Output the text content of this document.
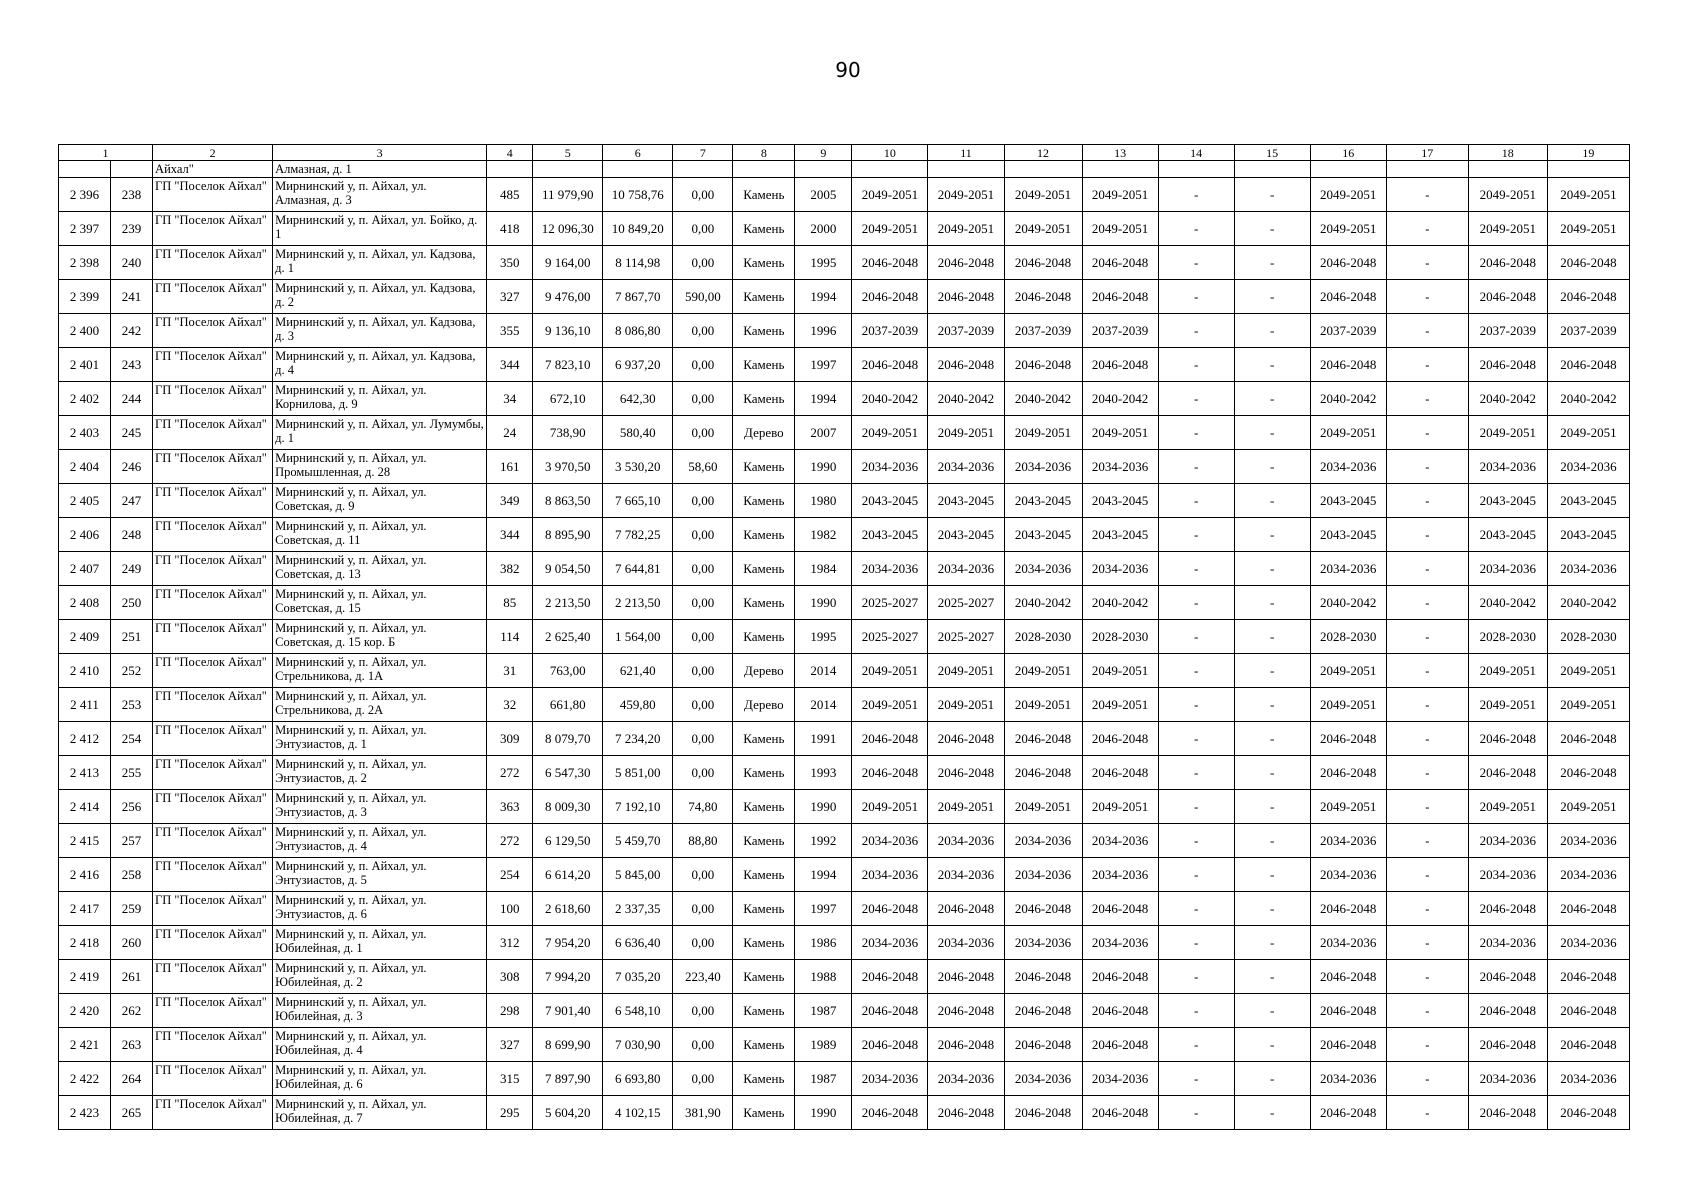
90
1		2	3	4	5	6	7	8	9	10	11	12	13	14	15	16	17	18	19
		Айхал"	Алмазная, д. 1																
2 396	238	ГП "Поселок Айхал"	Мирнинский у, п. Айхал, ул. Алмазная, д. 3	485	11 979,90	10 758,76	0,00	Камень	2005	2049-2051	2049-2051	2049-2051	2049-2051	-	-	2049-2051	-	2049-2051	2049-2051
2 397	239	ГП "Поселок Айхал"	Мирнинский у, п. Айхал, ул. Бойко, д. 1	418	12 096,30	10 849,20	0,00	Камень	2000	2049-2051	2049-2051	2049-2051	2049-2051	-	-	2049-2051	-	2049-2051	2049-2051
2 398	240	ГП "Поселок Айхал"	Мирнинский у, п. Айхал, ул. Кадзова, д. 1	350	9 164,00	8 114,98	0,00	Камень	1995	2046-2048	2046-2048	2046-2048	2046-2048	-	-	2046-2048	-	2046-2048	2046-2048
2 399	241	ГП "Поселок Айхал"	Мирнинский у, п. Айхал, ул. Кадзова, д. 2	327	9 476,00	7 867,70	590,00	Камень	1994	2046-2048	2046-2048	2046-2048	2046-2048	-	-	2046-2048	-	2046-2048	2046-2048
2 400	242	ГП "Поселок Айхал"	Мирнинский у, п. Айхал, ул. Кадзова, д. 3	355	9 136,10	8 086,80	0,00	Камень	1996	2037-2039	2037-2039	2037-2039	2037-2039	-	-	2037-2039	-	2037-2039	2037-2039
2 401	243	ГП "Поселок Айхал"	Мирнинский у, п. Айхал, ул. Кадзова, д. 4	344	7 823,10	6 937,20	0,00	Камень	1997	2046-2048	2046-2048	2046-2048	2046-2048	-	-	2046-2048	-	2046-2048	2046-2048
2 402	244	ГП "Поселок Айхал"	Мирнинский у, п. Айхал, ул. Корнилова, д. 9	34	672,10	642,30	0,00	Камень	1994	2040-2042	2040-2042	2040-2042	2040-2042	-	-	2040-2042	-	2040-2042	2040-2042
2 403	245	ГП "Поселок Айхал"	Мирнинский у, п. Айхал, ул. Лумумбы, д. 1	24	738,90	580,40	0,00	Дерево	2007	2049-2051	2049-2051	2049-2051	2049-2051	-	-	2049-2051	-	2049-2051	2049-2051
2 404	246	ГП "Поселок Айхал"	Мирнинский у, п. Айхал, ул. Промышленная, д. 28	161	3 970,50	3 530,20	58,60	Камень	1990	2034-2036	2034-2036	2034-2036	2034-2036	-	-	2034-2036	-	2034-2036	2034-2036
2 405	247	ГП "Поселок Айхал"	Мирнинский у, п. Айхал, ул. Советская, д. 9	349	8 863,50	7 665,10	0,00	Камень	1980	2043-2045	2043-2045	2043-2045	2043-2045	-	-	2043-2045	-	2043-2045	2043-2045
2 406	248	ГП "Поселок Айхал"	Мирнинский у, п. Айхал, ул. Советская, д. 11	344	8 895,90	7 782,25	0,00	Камень	1982	2043-2045	2043-2045	2043-2045	2043-2045	-	-	2043-2045	-	2043-2045	2043-2045
2 407	249	ГП "Поселок Айхал"	Мирнинский у, п. Айхал, ул. Советская, д. 13	382	9 054,50	7 644,81	0,00	Камень	1984	2034-2036	2034-2036	2034-2036	2034-2036	-	-	2034-2036	-	2034-2036	2034-2036
2 408	250	ГП "Поселок Айхал"	Мирнинский у, п. Айхал, ул. Советская, д. 15	85	2 213,50	2 213,50	0,00	Камень	1990	2025-2027	2025-2027	2040-2042	2040-2042	-	-	2040-2042	-	2040-2042	2040-2042
2 409	251	ГП "Поселок Айхал"	Мирнинский у, п. Айхал, ул. Советская, д. 15 кор. Б	114	2 625,40	1 564,00	0,00	Камень	1995	2025-2027	2025-2027	2028-2030	2028-2030	-	-	2028-2030	-	2028-2030	2028-2030
2 410	252	ГП "Поселок Айхал"	Мирнинский у, п. Айхал, ул. Стрельникова, д. 1А	31	763,00	621,40	0,00	Дерево	2014	2049-2051	2049-2051	2049-2051	2049-2051	-	-	2049-2051	-	2049-2051	2049-2051
2 411	253	ГП "Поселок Айхал"	Мирнинский у, п. Айхал, ул. Стрельникова, д. 2А	32	661,80	459,80	0,00	Дерево	2014	2049-2051	2049-2051	2049-2051	2049-2051	-	-	2049-2051	-	2049-2051	2049-2051
2 412	254	ГП "Поселок Айхал"	Мирнинский у, п. Айхал, ул. Энтузиастов, д. 1	309	8 079,70	7 234,20	0,00	Камень	1991	2046-2048	2046-2048	2046-2048	2046-2048	-	-	2046-2048	-	2046-2048	2046-2048
2 413	255	ГП "Поселок Айхал"	Мирнинский у, п. Айхал, ул. Энтузиастов, д. 2	272	6 547,30	5 851,00	0,00	Камень	1993	2046-2048	2046-2048	2046-2048	2046-2048	-	-	2046-2048	-	2046-2048	2046-2048
2 414	256	ГП "Поселок Айхал"	Мирнинский у, п. Айхал, ул. Энтузиастов, д. 3	363	8 009,30	7 192,10	74,80	Камень	1990	2049-2051	2049-2051	2049-2051	2049-2051	-	-	2049-2051	-	2049-2051	2049-2051
2 415	257	ГП "Поселок Айхал"	Мирнинский у, п. Айхал, ул. Энтузиастов, д. 4	272	6 129,50	5 459,70	88,80	Камень	1992	2034-2036	2034-2036	2034-2036	2034-2036	-	-	2034-2036	-	2034-2036	2034-2036
2 416	258	ГП "Поселок Айхал"	Мирнинский у, п. Айхал, ул. Энтузиастов, д. 5	254	6 614,20	5 845,00	0,00	Камень	1994	2034-2036	2034-2036	2034-2036	2034-2036	-	-	2034-2036	-	2034-2036	2034-2036
2 417	259	ГП "Поселок Айхал"	Мирнинский у, п. Айхал, ул. Энтузиастов, д. 6	100	2 618,60	2 337,35	0,00	Камень	1997	2046-2048	2046-2048	2046-2048	2046-2048	-	-	2046-2048	-	2046-2048	2046-2048
2 418	260	ГП "Поселок Айхал"	Мирнинский у, п. Айхал, ул. Юбилейная, д. 1	312	7 954,20	6 636,40	0,00	Камень	1986	2034-2036	2034-2036	2034-2036	2034-2036	-	-	2034-2036	-	2034-2036	2034-2036
2 419	261	ГП "Поселок Айхал"	Мирнинский у, п. Айхал, ул. Юбилейная, д. 2	308	7 994,20	7 035,20	223,40	Камень	1988	2046-2048	2046-2048	2046-2048	2046-2048	-	-	2046-2048	-	2046-2048	2046-2048
2 420	262	ГП "Поселок Айхал"	Мирнинский у, п. Айхал, ул. Юбилейная, д. 3	298	7 901,40	6 548,10	0,00	Камень	1987	2046-2048	2046-2048	2046-2048	2046-2048	-	-	2046-2048	-	2046-2048	2046-2048
2 421	263	ГП "Поселок Айхал"	Мирнинский у, п. Айхал, ул. Юбилейная, д. 4	327	8 699,90	7 030,90	0,00	Камень	1989	2046-2048	2046-2048	2046-2048	2046-2048	-	-	2046-2048	-	2046-2048	2046-2048
2 422	264	ГП "Поселок Айхал"	Мирнинский у, п. Айхал, ул. Юбилейная, д. 6	315	7 897,90	6 693,80	0,00	Камень	1987	2034-2036	2034-2036	2034-2036	2034-2036	-	-	2034-2036	-	2034-2036	2034-2036
2 423	265	ГП "Поселок Айхал"	Мирнинский у, п. Айхал, ул. Юбилейная, д. 7	295	5 604,20	4 102,15	381,90	Камень	1990	2046-2048	2046-2048	2046-2048	2046-2048	-	-	2046-2048	-	2046-2048	2046-2048
